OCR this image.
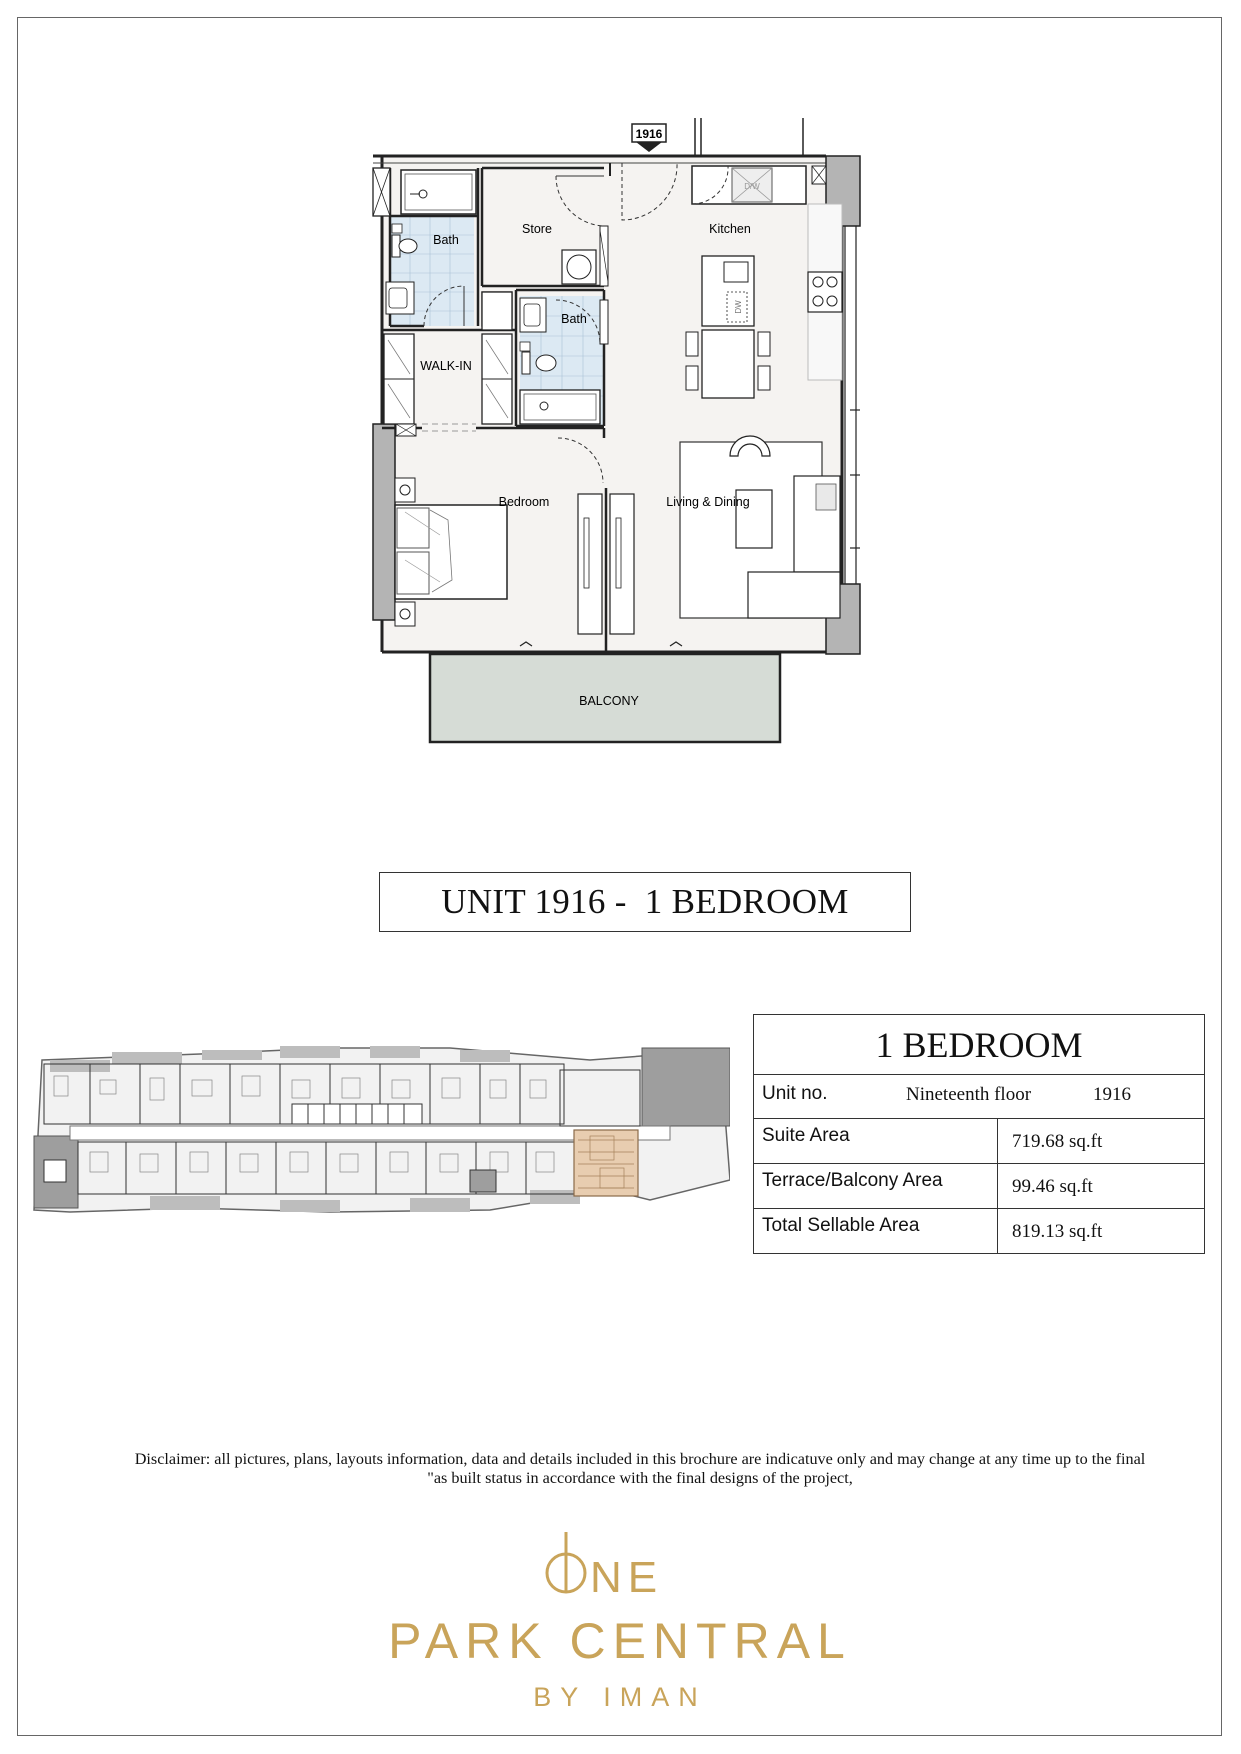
1916
Bath
Store
D/W
Kitchen
DW
Bath
WALK-IN
Bedroom	Living & Dining
BALCONY
UNIT 1916 -  1 BEDROOM
1 BEDROOM
Unit no.	Nineteenth floor	1916
Suite Area	719.68 sq.ft
Terrace/Balcony Area	99.46 sq.ft
Total Sellable Area	819.13 sq.ft
Disclaimer: all pictures, plans, layouts information, data and details included in this brochure are indicatuve only and may change at any time up to the final
"as built status in accordance with the final designs of the project,
NE
PARK CENTRAL
BY IMAN
